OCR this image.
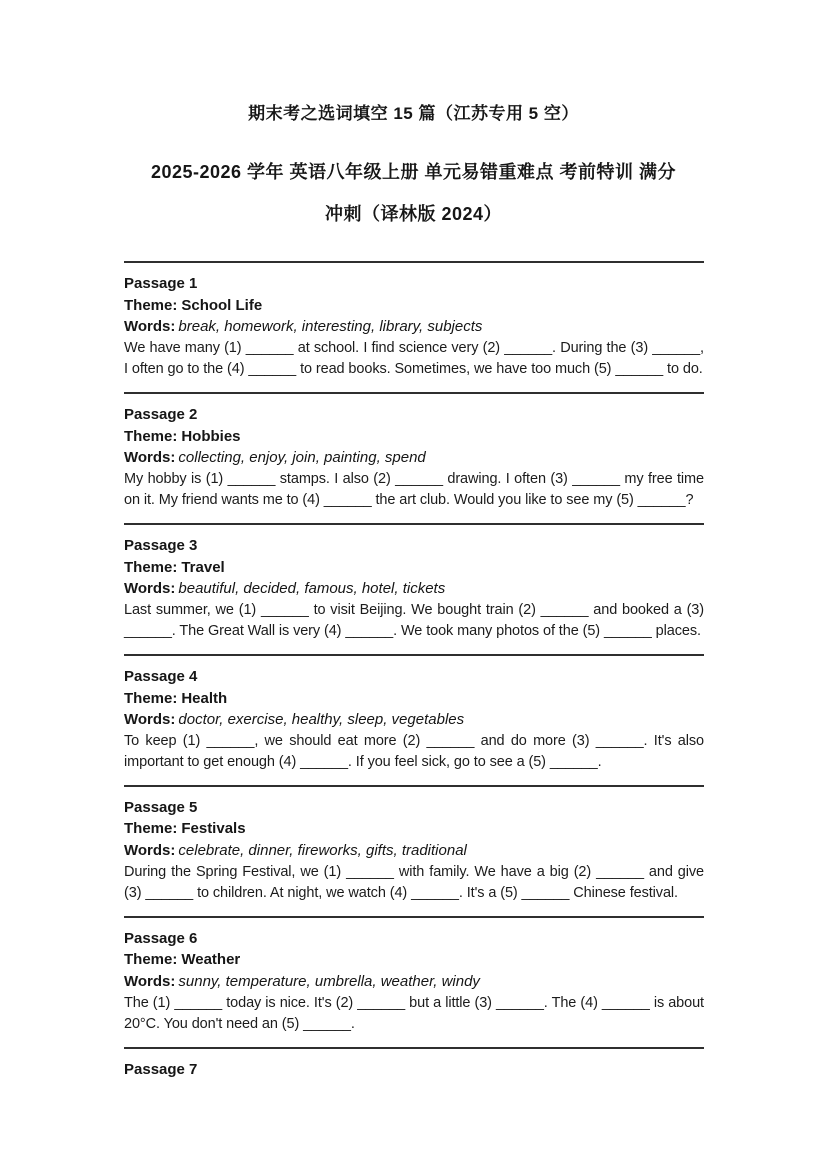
期末考之选词填空 15 篇（江苏专用 5 空）
2025-2026 学年 英语八年级上册 单元易错重难点 考前特训 满分
冲刺（译林版 2024）
Passage 1
Theme: School Life
Words: break, homework, interesting, library, subjects
We have many (1) ______ at school. I find science very (2) ______. During the (3) ______, I often go to the (4) ______ to read books. Sometimes, we have too much (5) ______ to do.
Passage 2
Theme: Hobbies
Words: collecting, enjoy, join, painting, spend
My hobby is (1) ______ stamps. I also (2) ______ drawing. I often (3) ______ my free time on it. My friend wants me to (4) ______ the art club. Would you like to see my (5) ______?
Passage 3
Theme: Travel
Words: beautiful, decided, famous, hotel, tickets
Last summer, we (1) ______ to visit Beijing. We bought train (2) ______ and booked a (3) ______. The Great Wall is very (4) ______. We took many photos of the (5) ______ places.
Passage 4
Theme: Health
Words: doctor, exercise, healthy, sleep, vegetables
To keep (1) ______, we should eat more (2) ______ and do more (3) ______. It's also important to get enough (4) ______. If you feel sick, go to see a (5) ______.
Passage 5
Theme: Festivals
Words: celebrate, dinner, fireworks, gifts, traditional
During the Spring Festival, we (1) ______ with family. We have a big (2) ______ and give (3) ______ to children. At night, we watch (4) ______. It's a (5) ______ Chinese festival.
Passage 6
Theme: Weather
Words: sunny, temperature, umbrella, weather, windy
The (1) ______ today is nice. It's (2) ______ but a little (3) ______. The (4) ______ is about 20°C. You don't need an (5) ______.
Passage 7
